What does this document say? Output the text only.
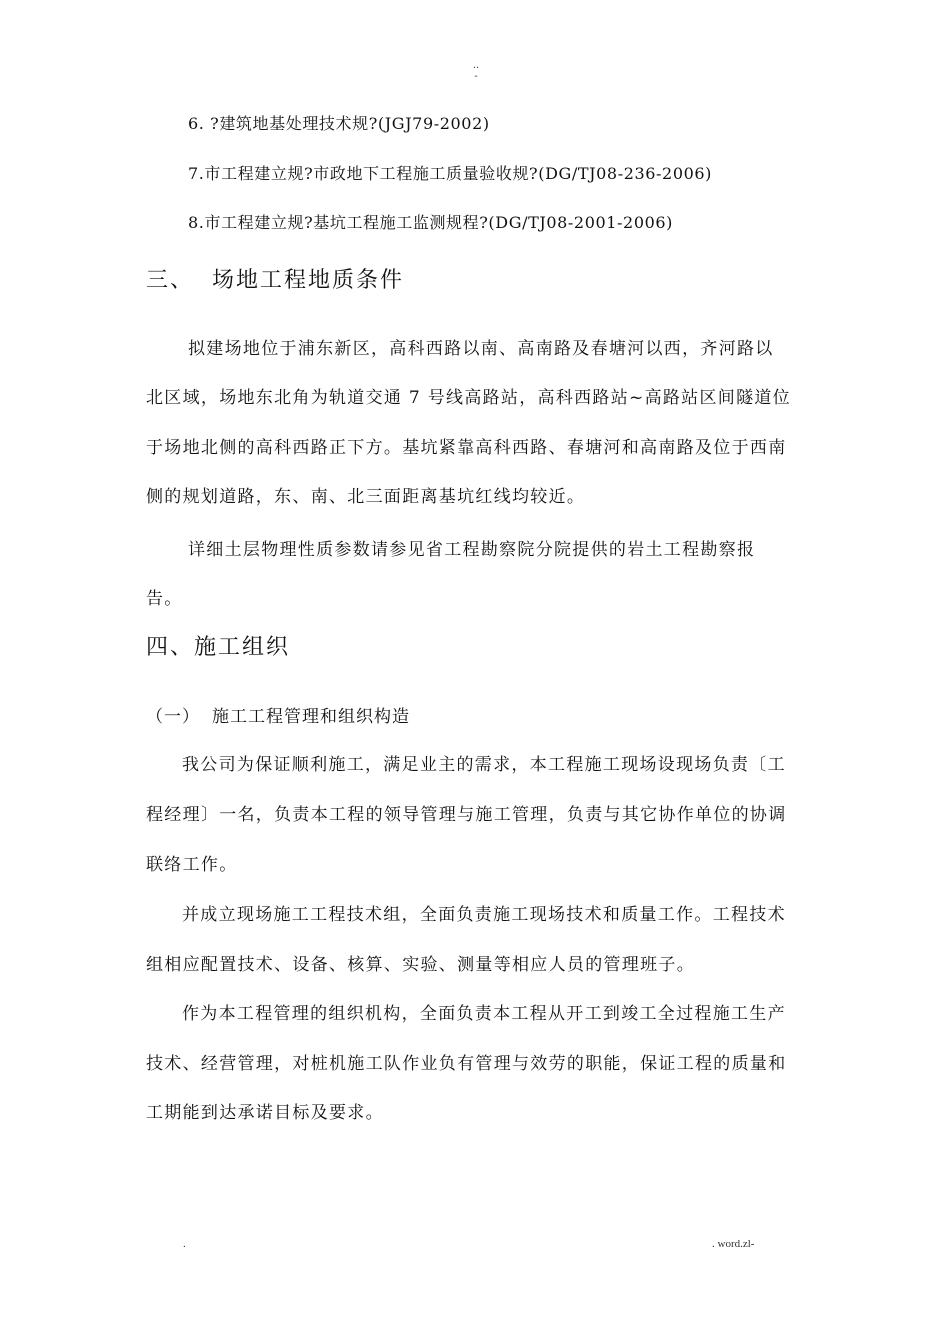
..
-
6. ?建筑地基处理技术规?(JGJ79-2002)
7.市工程建立规?市政地下工程施工质量验收规?(DG/TJ08-236-2006)
8.市工程建立规?基坑工程施工监测规程?(DG/TJ08-2001-2006)
三、 场地工程地质条件
拟建场地位于浦东新区，高科西路以南、高南路及春塘河以西，齐河路以
北区域，场地东北角为轨道交通 7 号线高路站，高科西路站~高路站区间隧道位
于场地北侧的高科西路正下方。基坑紧靠高科西路、春塘河和高南路及位于西南
侧的规划道路，东、南、北三面距离基坑红线均较近。
详细土层物理性质参数请参见省工程勘察院分院提供的岩土工程勘察报
告。
四、施工组织
（一） 施工工程管理和组织构造
我公司为保证顺利施工，满足业主的需求，本工程施工现场设现场负责〔工
程经理〕一名，负责本工程的领导管理与施工管理，负责与其它协作单位的协调
联络工作。
并成立现场施工工程技术组，全面负责施工现场技术和质量工作。工程技术
组相应配置技术、设备、核算、实验、测量等相应人员的管理班子。
作为本工程管理的组织机构，全面负责本工程从开工到竣工全过程施工生产
技术、经营管理，对桩机施工队作业负有管理与效劳的职能，保证工程的质量和
工期能到达承诺目标及要求。
.	. word.zl-
